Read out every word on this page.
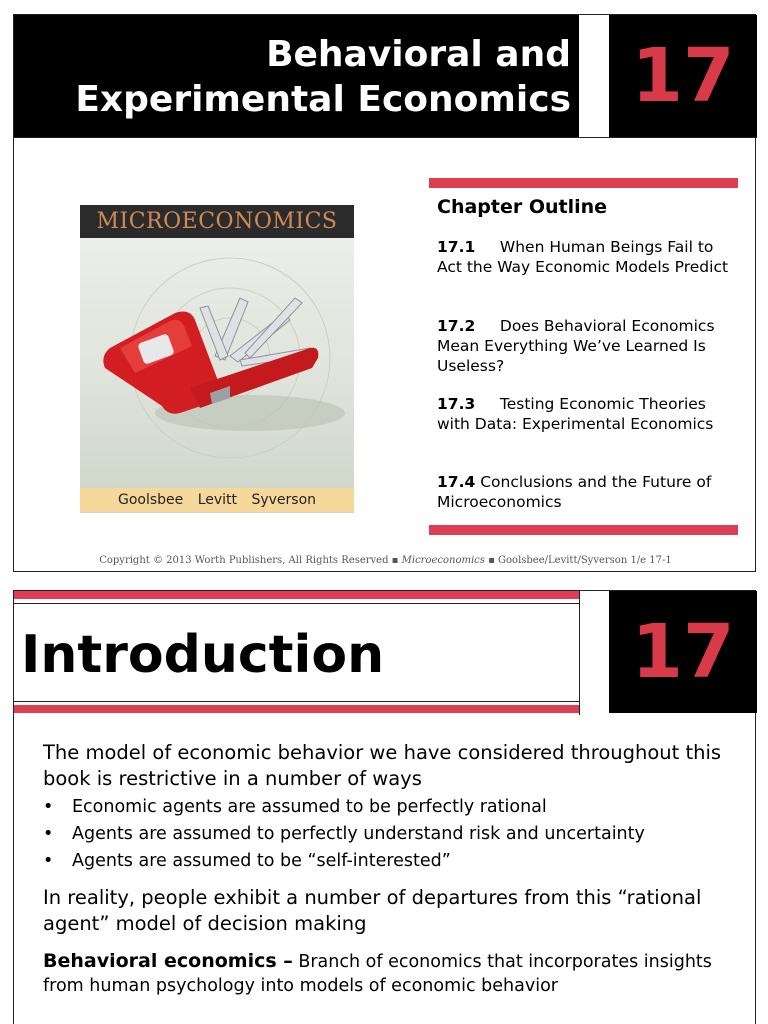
Behavioral and
Experimental Economics 17
MICROECONOMICS
Goolsbee Levitt Syverson
Chapter Outline
17.1 When Human Beings Fail to Act the Way Economic Models Predict
17.2 Does Behavioral Economics Mean Everything We’ve Learned Is Useless?
17.3 Testing Economic Theories with Data: Experimental Economics
17.4 Conclusions and the Future of Microeconomics
Copyright © 2013 Worth Publishers, All Rights Reserved ▪ Microeconomics ▪ Goolsbee/Levitt/Syverson 1/e 17-1
Introduction	17
The model of economic behavior we have considered throughout this book is restrictive in a number of ways
• Economic agents are assumed to be perfectly rational
• Agents are assumed to perfectly understand risk and uncertainty
• Agents are assumed to be “self-interested”
In reality, people exhibit a number of departures from this “rational agent” model of decision making
Behavioral economics – Branch of economics that incorporates insights from human psychology into models of economic behavior
